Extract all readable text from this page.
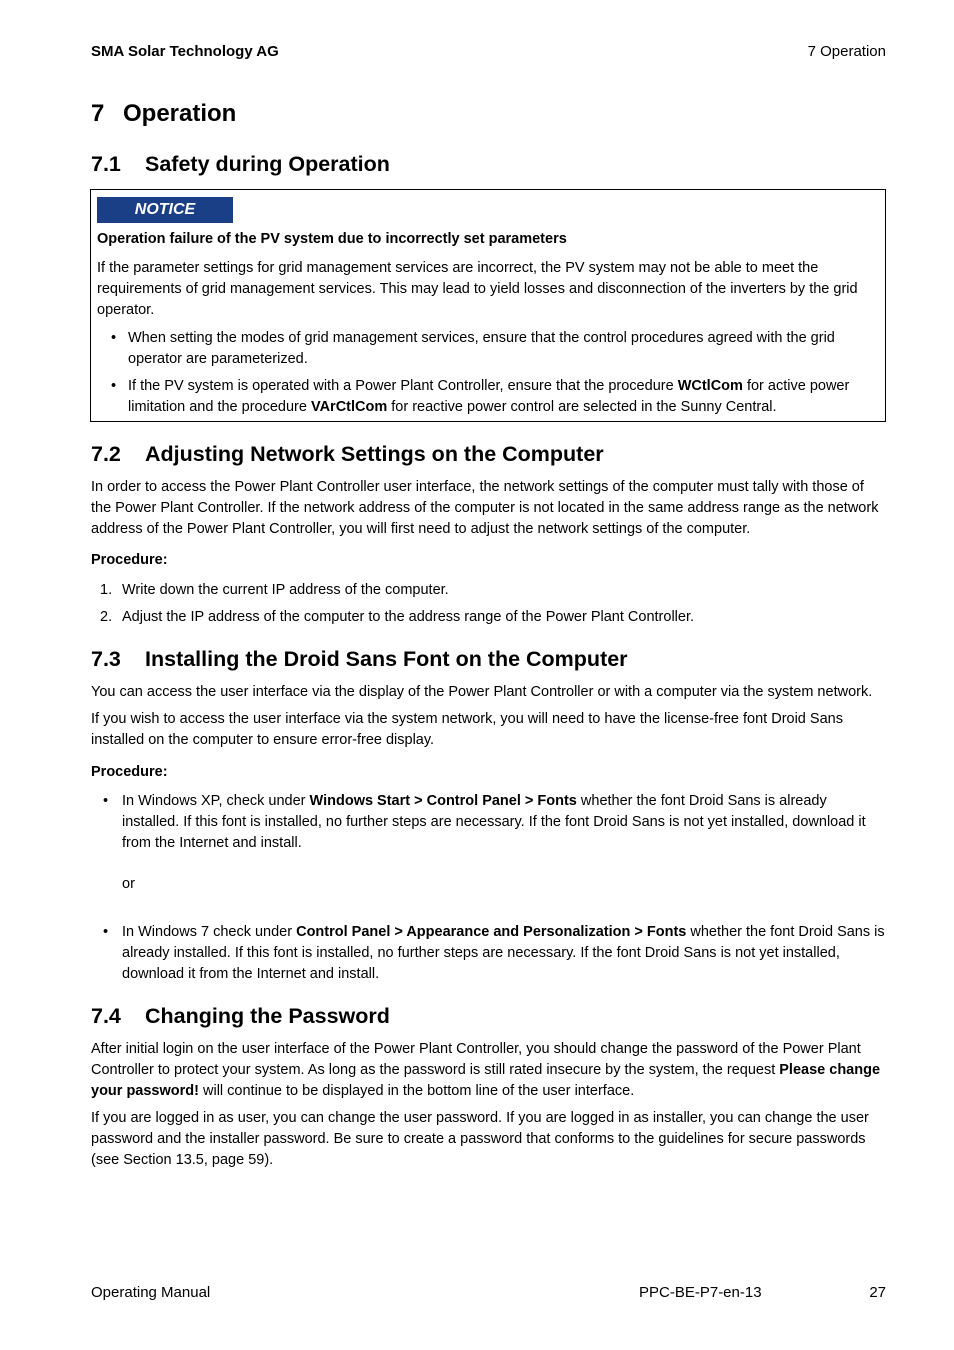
SMA Solar Technology AG	7 Operation
7 Operation
7.1 Safety during Operation
NOTICE
Operation failure of the PV system due to incorrectly set parameters
If the parameter settings for grid management services are incorrect, the PV system may not be able to meet the requirements of grid management services. This may lead to yield losses and disconnection of the inverters by the grid operator.
• When setting the modes of grid management services, ensure that the control procedures agreed with the grid operator are parameterized.
• If the PV system is operated with a Power Plant Controller, ensure that the procedure WCtlCom for active power limitation and the procedure VArCtlCom for reactive power control are selected in the Sunny Central.
7.2 Adjusting Network Settings on the Computer

In order to access the Power Plant Controller user interface, the network settings of the computer must tally with those of the Power Plant Controller. If the network address of the computer is not located in the same address range as the network address of the Power Plant Controller, you will first need to adjust the network settings of the computer.

Procedure:
1. Write down the current IP address of the computer.
2. Adjust the IP address of the computer to the address range of the Power Plant Controller.
7.3 Installing the Droid Sans Font on the Computer

You can access the user interface via the display of the Power Plant Controller or with a computer via the system network.

If you wish to access the user interface via the system network, you will need to have the license-free font Droid Sans installed on the computer to ensure error-free display.

Procedure:
• In Windows XP, check under Windows Start > Control Panel > Fonts whether the font Droid Sans is already installed. If this font is installed, no further steps are necessary. If the font Droid Sans is not yet installed, download it from the Internet and install.
or
• In Windows 7 check under Control Panel > Appearance and Personalization > Fonts whether the font Droid Sans is already installed. If this font is installed, no further steps are necessary. If the font Droid Sans is not yet installed, download it from the Internet and install.
7.4 Changing the Password

After initial login on the user interface of the Power Plant Controller, you should change the password of the Power Plant Controller to protect your system. As long as the password is still rated insecure by the system, the request Please change your password! will continue to be displayed in the bottom line of the user interface.

If you are logged in as user, you can change the user password. If you are logged in as installer, you can change the user password and the installer password. Be sure to create a password that conforms to the guidelines for secure passwords (see Section 13.5, page 59).

Operating Manual	PPC-BE-P7-en-13	27
